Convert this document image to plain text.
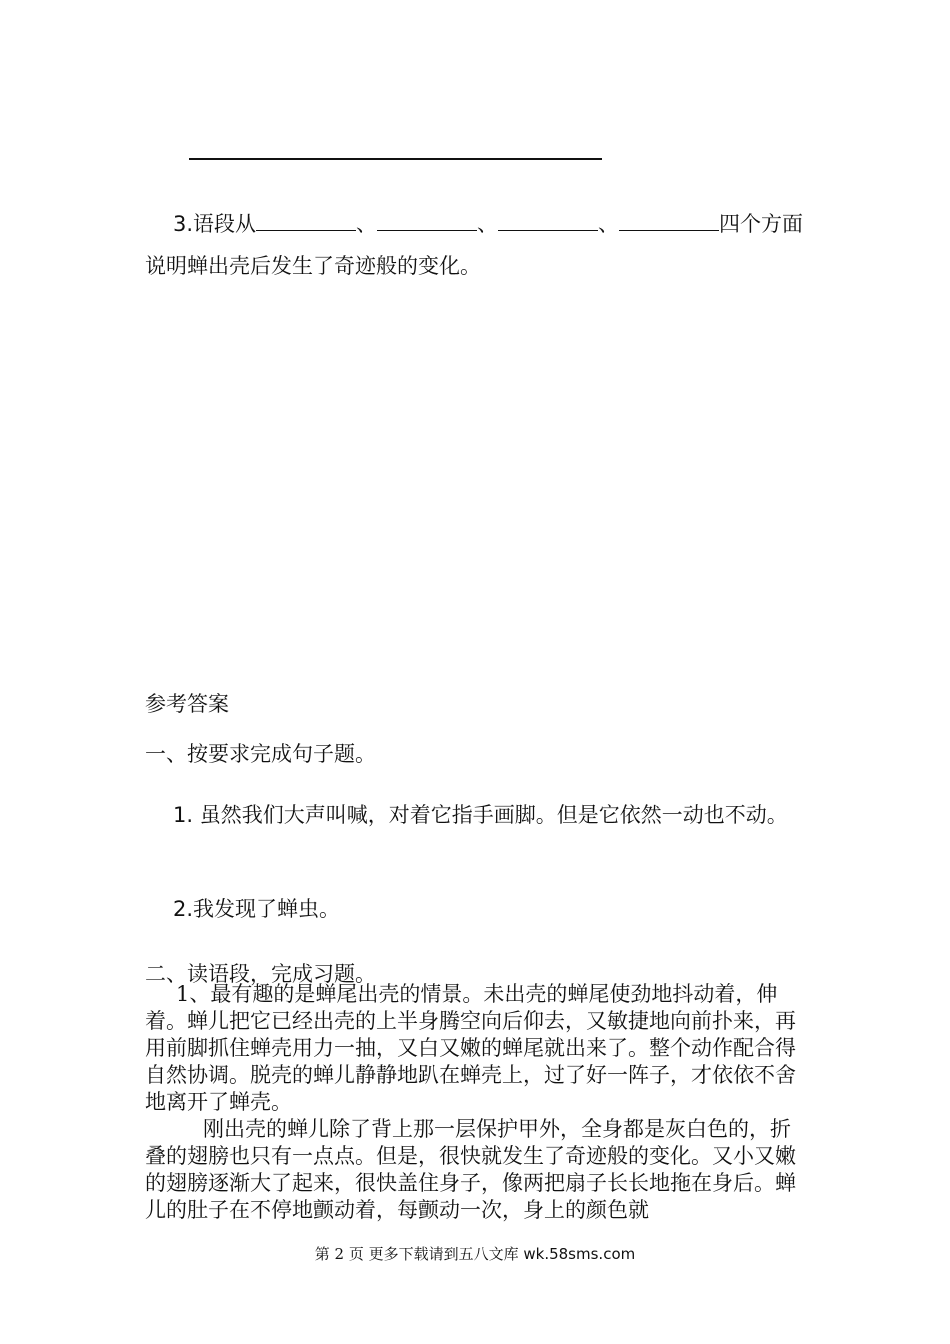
3.语段从	、	、	、	四个方面说明蝉出壳后发生了奇迹般的变化。
参考答案
一、按要求完成句子题。
1. 虽然我们大声叫喊，对着它指手画脚。但是它依然一动也不动。
2.我发现了蝉虫。
二、读语段，完成习题。

1、最有趣的是蝉尾出壳的情景。未出壳的蝉尾使劲地抖动着，伸着。蝉儿把它已经出壳的上半身腾空向后仰去，又敏捷地向前扑来，再用前脚抓住蝉壳用力一抽，又白又嫩的蝉尾就出来了。整个动作配合得自然协调。脱壳的蝉儿静静地趴在蝉壳上，过了好一阵子，才依依不舍地离开了蝉壳。

刚出壳的蝉儿除了背上那一层保护甲外，全身都是灰白色的，折叠的翅膀也只有一点点。但是，很快就发生了奇迹般的变化。又小又嫩的翅膀逐渐大了起来，很快盖住身子，像两把扇子长长地拖在身后。蝉儿的肚子在不停地颤动着，每颤动一次，身上的颜色就

第 2 页 更多下载请到五八文库 wk.58sms.com
